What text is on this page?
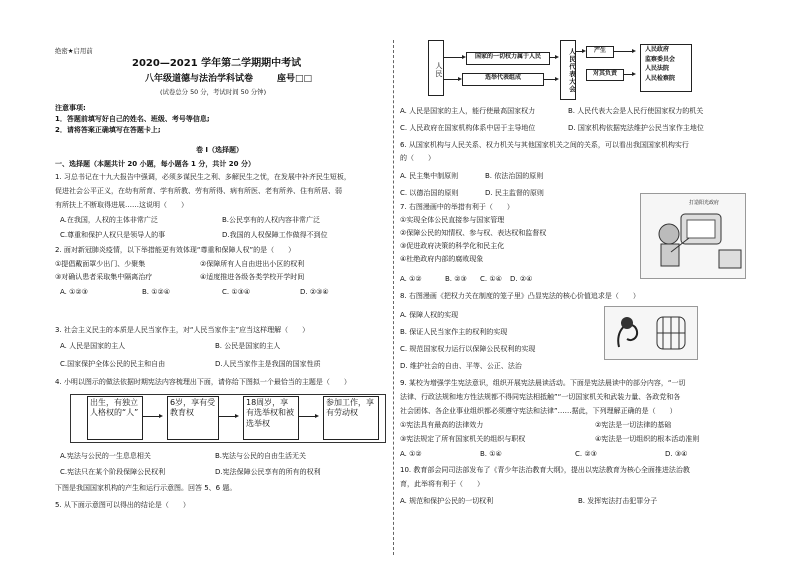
绝密★启用前
2020—2021 学年第二学期期中考试
八年级道德与法治学科试卷	座号□□
(试卷总分 50 分，考试时间 50 分钟)
注意事项:
1．答题前填写好自己的姓名、班级、考号等信息;
2．请将答案正确填写在答题卡上;
卷 I（选择题）
一、选择题（本题共计 20 小题，每小题各 1 分，共计 20 分）
1. 习总书记在十九大报告中强调，必须多谋民生之利、多解民生之忧，在发展中补齐民生短板，
促进社会公平正义，在幼有所育、学有所教、劳有所得、病有所医、老有所养、住有所居、弱
有所扶上不断取得进展……这说明（　　）
A.在我国，人权的主体非常广泛	B.公民享有的人权内容非常广泛
C.尊重和保护人权只是领导人的事	D.我国的人权保障工作做得不到位
2. 面对新冠肺炎疫情，以下举措能更有效体现“尊重和保障人权”的是（　　）
①提倡戴面罩少出门、少聚集	②保障所有人自由进出小区的权利
③对确认患者采取集中隔离治疗	④适度推进各级各类学校开学时间
A. ①②③	B. ①②④	C. ①③④	D. ②③④
3. 社会主义民主的本质是人民当家作主，对“人民当家作主”应当这样理解（　　）
A. 人民是国家的主人	B. 公民是国家的主人
C.国家保护全体公民的民主和自由	D.人民当家作主是我国的国家性质
4. 小明以图示的做法依据时期宪法内容梳理出下面，请你给下图拟一个最恰当的主题是（　　）
出生，有独立人格权的“人”
6岁，享有受教育权
18周岁，享有选举权和被选举权
参加工作，享有劳动权
A.宪法与公民的一生息息相关	B.宪法与公民的自由生活无关
C.宪法只在某个阶段保障公民权利	D.宪法保障公民享有的所有的权利
下图是我国国家机构的产生和运行示意图。回答 5、6 题。
5. 从下面示意图可以得出的结论是（　　）
人民
国家的一切权力属于人民
选举代表组成	人民代表大会	产生
对其负责
人民政府
监察委员会
人民法院
人民检察院
A. 人民是国家的主人，能行使最高国家权力	B. 人民代表大会是人民行使国家权力的机关
C. 人民政府在国家机构体系中居于主导地位	D. 国家机构依据宪法维护公民当家作主地位
6. 从国家机构与人民关系、权力机关与其他国家机关之间的关系，可以看出我国国家机构实行
的（　　）
A. 民主集中制原则	B. 依法治国的原则
C. 以德治国的原则	D. 民主监督的原则
7. 右图漫画中的举措有利于（　　）
①实现全体公民直接参与国家管理
②保障公民的知情权、参与权、表达权和监督权
③促进政府决策的科学化和民主化
④杜绝政府内部的腐败现象
A. ①②	B. ②③ C. ①④ D. ②④
打造阳光政府
8. 右图漫画《把权力关在制度的笼子里》凸显宪法的核心价值追求是（　　）
A. 保障人权的实现
B. 保证人民当家作主的权利的实现
C. 规范国家权力运行以保障公民权利的实现
D. 维护社会的自由、平等、公正、法治
9. 某校为增强学生宪法意识，组织开展宪法晨读活动。下面是宪法晨读中的部分内容，“一切
法律、行政法规和地方性法规都不得同宪法相抵触”“一切国家机关和武装力量、各政党和各
社会团体、各企业事业组织都必须遵守宪法和法律”……据此，下列理解正确的是（　　）
①宪法具有最高的法律效力	②宪法是一切法律的基础
③宪法规定了所有国家机关的组织与职权	④宪法是一切组织的根本活动准则
A. ①②	B. ①④	C. ②③	D. ③④
10. 教育部会同司法部发布了《青少年法治教育大纲》，提出以宪法教育为核心全面推进法治教
育，此举将有利于（　　）
A. 规范和保护公民的一切权利	B. 发挥宪法打击犯罪分子
